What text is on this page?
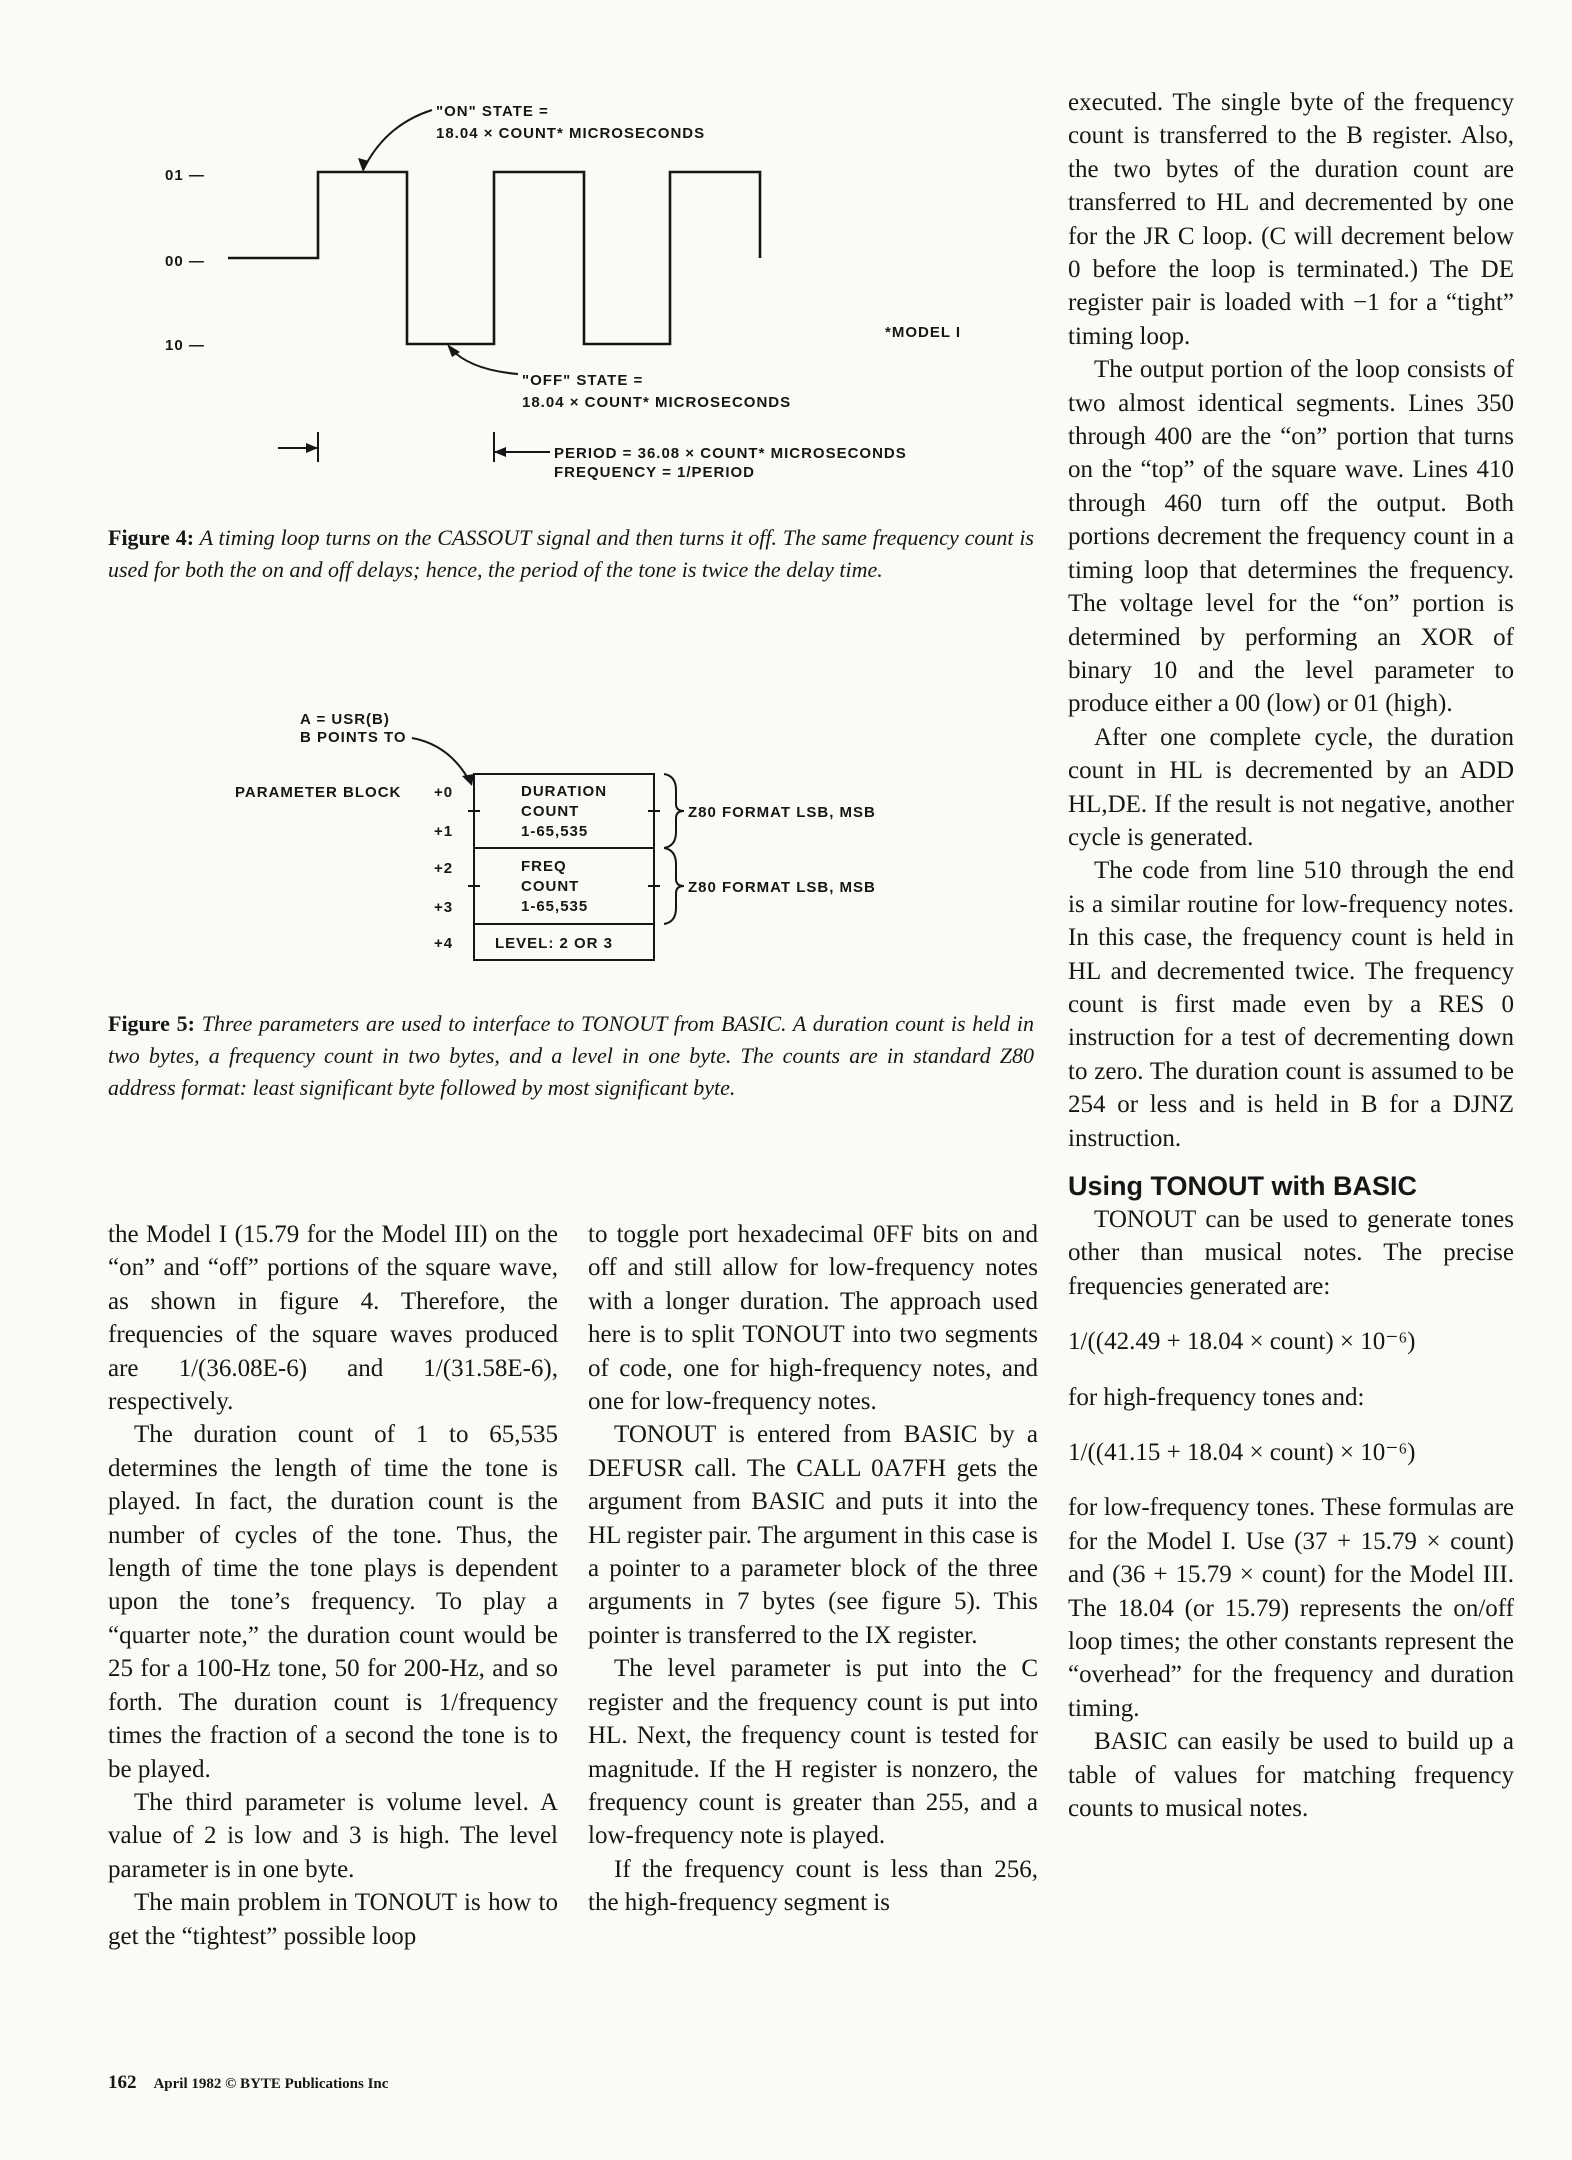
01 —
00 —
10 —
"ON" STATE =
18.04 × COUNT* MICROSECONDS
"OFF" STATE =
18.04 × COUNT* MICROSECONDS
*MODEL I
PERIOD = 36.08 × COUNT* MICROSECONDS
FREQUENCY = 1/PERIOD
Figure 4: A timing loop turns on the CASSOUT signal and then turns it off. The same frequency count is used for both the on and off delays; hence, the period of the tone is twice the delay time.
A = USR(B)
B POINTS TO
PARAMETER BLOCK +0
+1
+2
+3
+4
DURATION
COUNT
1-65,535
FREQ
COUNT
1-65,535
LEVEL: 2 OR 3
Z80 FORMAT LSB, MSB
Z80 FORMAT LSB, MSB
Figure 5: Three parameters are used to interface to TONOUT from BASIC. A duration count is held in two bytes, a frequency count in two bytes, and a level in one byte. The counts are in standard Z80 address format: least significant byte followed by most significant byte.

the Model I (15.79 for the Model III) on the “on” and “off” portions of the square wave, as shown in figure 4. Therefore, the frequencies of the square waves produced are 1/(36.08E-6) and 1/(31.58E-6), respectively.

The duration count of 1 to 65,535 determines the length of time the tone is played. In fact, the duration count is the number of cycles of the tone. Thus, the length of time the tone plays is dependent upon the tone’s frequency. To play a “quarter note,” the duration count would be 25 for a 100-Hz tone, 50 for 200-Hz, and so forth. The duration count is 1/frequency times the fraction of a second the tone is to be played.

The third parameter is volume level. A value of 2 is low and 3 is high. The level parameter is in one byte.

The main problem in TONOUT is how to get the “tightest” possible loop

to toggle port hexadecimal 0FF bits on and off and still allow for low-frequency notes with a longer duration. The approach used here is to split TONOUT into two segments of code, one for high-frequency notes, and one for low-frequency notes.

TONOUT is entered from BASIC by a DEFUSR call. The CALL 0A7FH gets the argument from BASIC and puts it into the HL register pair. The argument in this case is a pointer to a parameter block of the three arguments in 7 bytes (see figure 5). This pointer is transferred to the IX register.

The level parameter is put into the C register and the frequency count is put into HL. Next, the frequency count is tested for magnitude. If the H register is nonzero, the frequency count is greater than 255, and a low-frequency note is played.

If the frequency count is less than 256, the high-frequency segment is

executed. The single byte of the frequency count is transferred to the B register. Also, the two bytes of the duration count are transferred to HL and decremented by one for the JR C loop. (C will decrement below 0 before the loop is terminated.) The DE register pair is loaded with −1 for a “tight” timing loop.

The output portion of the loop consists of two almost identical segments. Lines 350 through 400 are the “on” portion that turns on the “top” of the square wave. Lines 410 through 460 turn off the output. Both portions decrement the frequency count in a timing loop that determines the frequency. The voltage level for the “on” portion is determined by performing an XOR of binary 10 and the level parameter to produce either a 00 (low) or 01 (high).

After one complete cycle, the duration count in HL is decremented by an ADD HL,DE. If the result is not negative, another cycle is generated.

The code from line 510 through the end is a similar routine for low-frequency notes. In this case, the frequency count is held in HL and decremented twice. The frequency count is first made even by a RES 0 instruction for a test of decrementing down to zero. The duration count is assumed to be 254 or less and is held in B for a DJNZ instruction.

Using TONOUT with BASIC

TONOUT can be used to generate tones other than musical notes. The precise frequencies generated are:

1/((42.49 + 18.04 × count) × 10⁻⁶)

for high-frequency tones and:

1/((41.15 + 18.04 × count) × 10⁻⁶)

for low-frequency tones. These formulas are for the Model I. Use (37 + 15.79 × count) and (36 + 15.79 × count) for the Model III. The 18.04 (or 15.79) represents the on/off loop times; the other constants represent the “overhead” for the frequency and duration timing.

BASIC can easily be used to build up a table of values for matching frequency counts to musical notes.

162 April 1982 © BYTE Publications Inc
